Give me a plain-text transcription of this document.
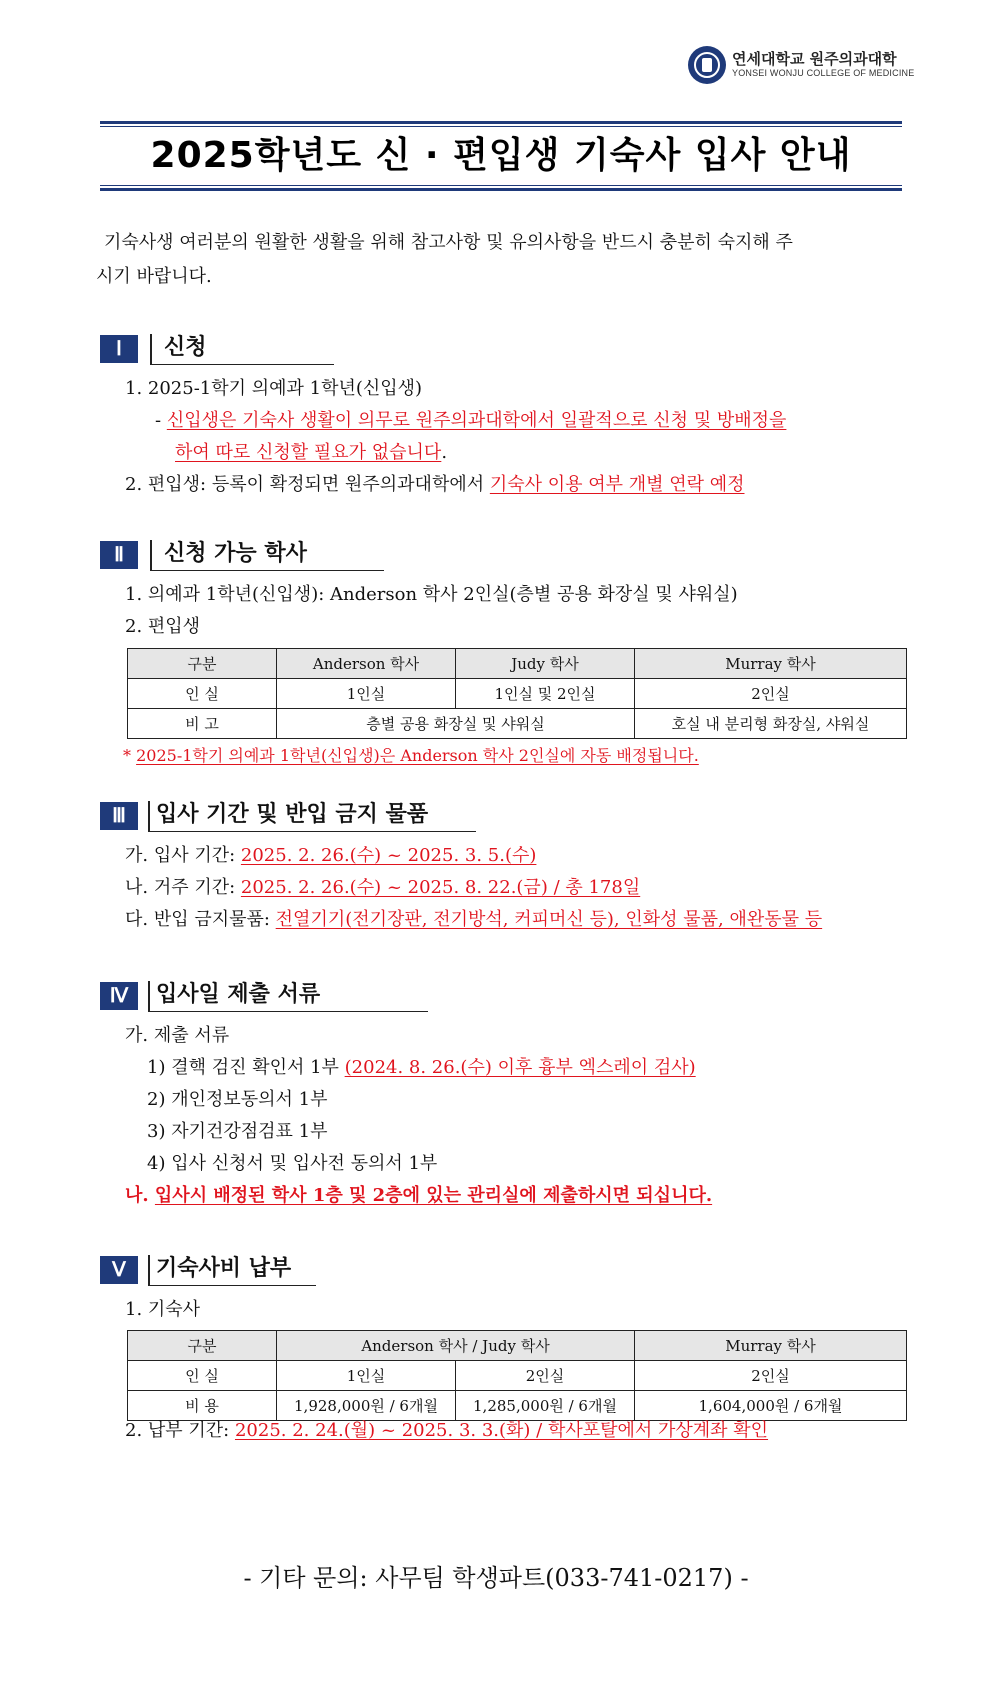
연세대학교 원주의과대학
YONSEI WONJU COLLEGE OF MEDICINE
2025학년도 신 · 편입생 기숙사 입사 안내
기숙사생 여러분의 원활한 생활을 위해 참고사항 및 유의사항을 반드시 충분히 숙지해 주
시기 바랍니다.
Ⅰ	신청
1. 2025-1학기 의예과 1학년(신입생)
- 신입생은 기숙사 생활이 의무로 원주의과대학에서 일괄적으로 신청 및 방배정을
하여 따로 신청할 필요가 없습니다.
2. 편입생: 등록이 확정되면 원주의과대학에서 기숙사 이용 여부 개별 연락 예정
Ⅱ	신청 가능 학사
1. 의예과 1학년(신입생): Anderson 학사 2인실(층별 공용 화장실 및 샤워실)
2. 편입생
구분	Anderson 학사	Judy 학사	Murray 학사
인 실	1인실	1인실 및 2인실	2인실
비 고	층별 공용 화장실 및 샤워실		호실 내 분리형 화장실, 샤워실
* 2025-1학기 의예과 1학년(신입생)은 Anderson 학사 2인실에 자동 배정됩니다.
Ⅲ	입사 기간 및 반입 금지 물품
가. 입사 기간: 2025. 2. 26.(수) ~ 2025. 3. 5.(수)
나. 거주 기간: 2025. 2. 26.(수) ~ 2025. 8. 22.(금) / 총 178일
다. 반입 금지물품: 전열기기(전기장판, 전기방석, 커피머신 등), 인화성 물품, 애완동물 등
Ⅳ	입사일 제출 서류
가. 제출 서류
1) 결핵 검진 확인서 1부 (2024. 8. 26.(수) 이후 흉부 엑스레이 검사)
2) 개인정보동의서 1부
3) 자기건강점검표 1부
4) 입사 신청서 및 입사전 동의서 1부
나. 입사시 배정된 학사 1층 및 2층에 있는 관리실에 제출하시면 되십니다.
Ⅴ	기숙사비 납부
1. 기숙사
구분	Anderson 학사 / Judy 학사		Murray 학사
인 실	1인실	2인실	2인실
비 용	1,928,000원 / 6개월	1,285,000원 / 6개월	1,604,000원 / 6개월
2. 납부 기간: 2025. 2. 24.(월) ~ 2025. 3. 3.(화) / 학사포탈에서 가상계좌 확인
- 기타 문의: 사무팀 학생파트(033-741-0217) -
